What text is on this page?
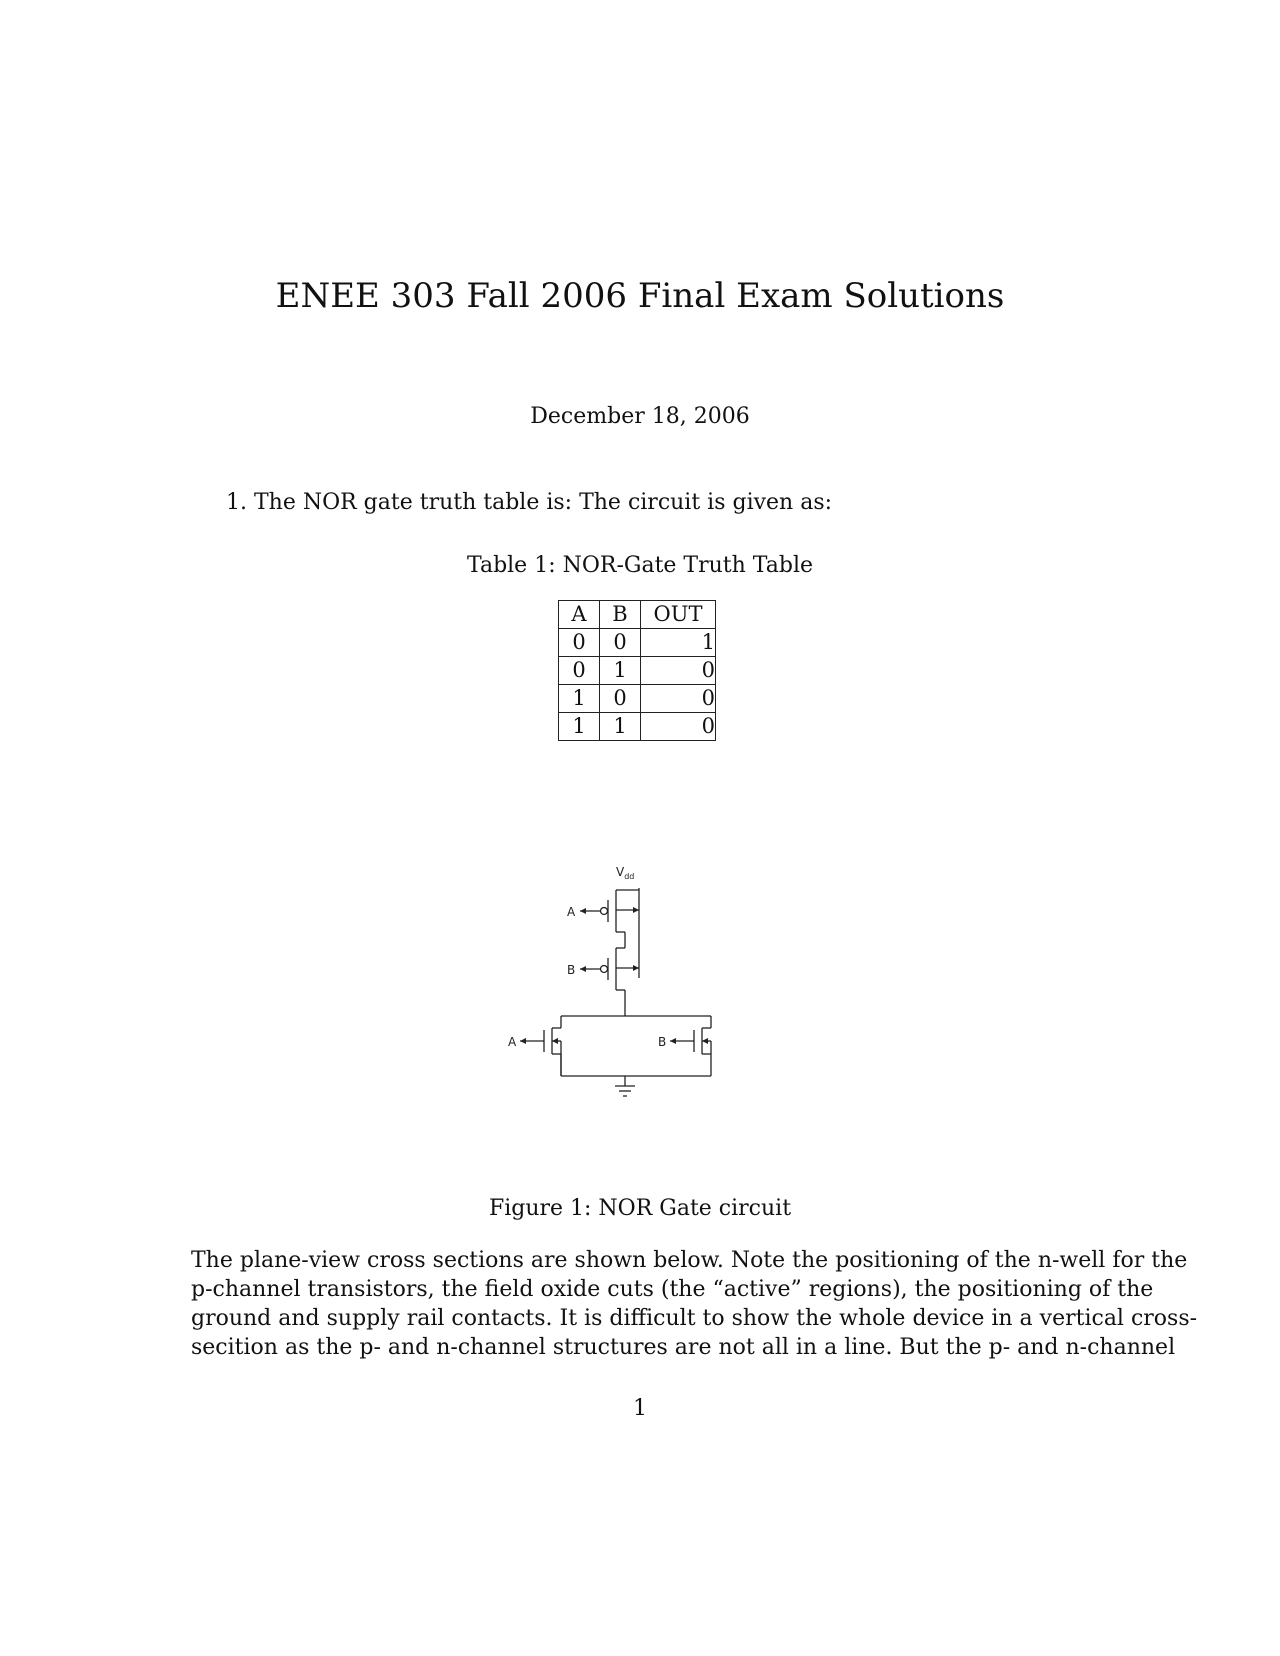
ENEE 303 Fall 2006 Final Exam Solutions
December 18, 2006
1. The NOR gate truth table is: The circuit is given as:
Table 1: NOR-Gate Truth Table
A	B	OUT
0	0	1
0	1	0
1	0	0
1	1	0
$V_{dd}$
A
B
A	B
Figure 1: NOR Gate circuit
The plane-view cross sections are shown below. Note the positioning of the n-well for the
p-channel transistors, the field oxide cuts (the “active” regions), the positioning of the
ground and supply rail contacts. It is difficult to show the whole device in a vertical cross-
secition as the p- and n-channel structures are not all in a line. But the p- and n-channel
1
